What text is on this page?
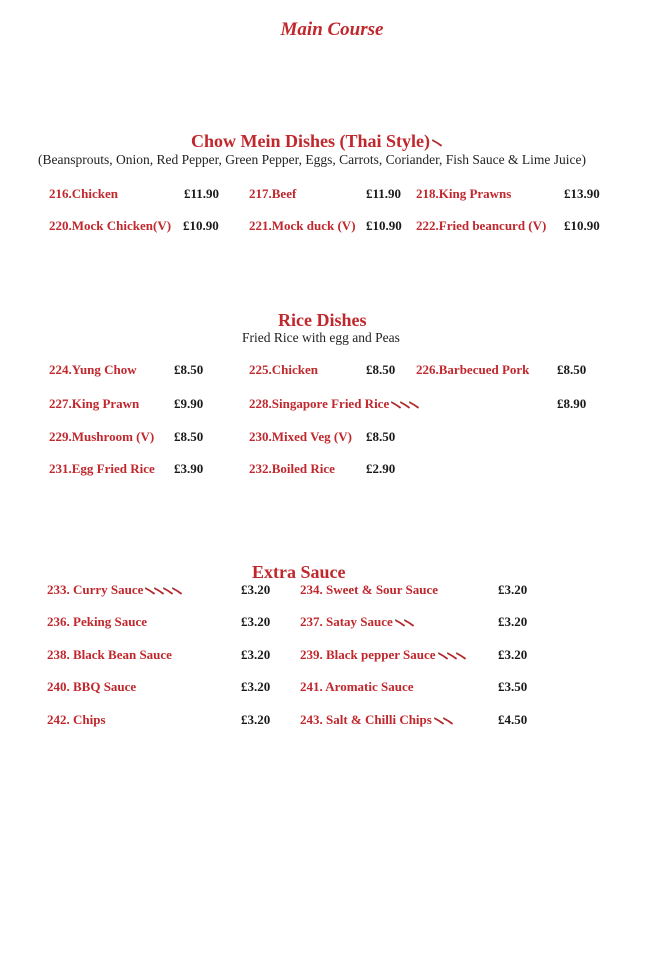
Main Course
Chow Mein Dishes (Thai Style)
(Beansprouts, Onion, Red Pepper, Green Pepper, Eggs, Carrots, Coriander, Fish Sauce & Lime Juice)
216.Chicken	£11.90 217.Beef	£11.90 218.King Prawns	£13.90
220.Mock Chicken(V) £10.90 221.Mock duck (V) £10.90 222.Fried beancurd (V) £10.90
Rice Dishes
Fried Rice with egg and Peas
224.Yung Chow	£8.50	225.Chicken	£8.50 226.Barbecued Pork £8.50
227.King Prawn	£9.90	228.Singapore Fried Rice	£8.90
229.Mushroom (V) £8.50	230.Mixed Veg (V) £8.50
231.Egg Fried Rice £3.90	232.Boiled Rice £2.90
Extra Sauce
233. Curry Sauce	£3.20 234. Sweet & Sour Sauce	£3.20
236. Peking Sauce	£3.20 237. Satay Sauce	£3.20
238. Black Bean Sauce	£3.20 239. Black pepper Sauce	£3.20
240. BBQ Sauce	£3.20 241. Aromatic Sauce	£3.50
242. Chips	£3.20 243. Salt & Chilli Chips	£4.50
